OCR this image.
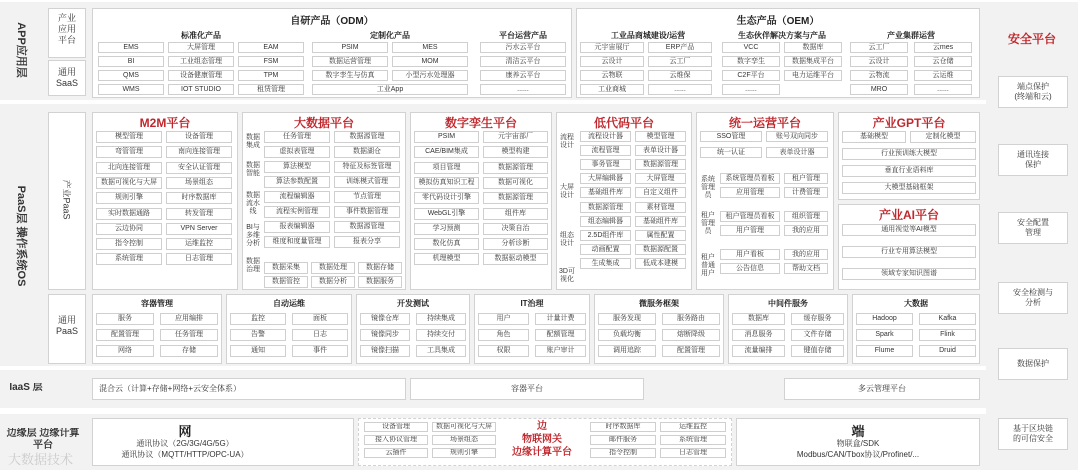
APP应用层
PaaS层 操作系统OS
IaaS 层
边缘层 边缘计算平台
产业
应用
平台
通用
SaaS
产业PaaS
通用
PaaS
自研产品（ODM）
标准化产品
EMS	大屏管理	EAM
BI	工业组态管理	FSM
QMS	设备健康管理	TPM
WMS	IOT STUDIO	租赁管理
定制化产品
PSIM	MES
数据运营管理	MOM
数字孪生与仿真	小型污水处理器
工业App
平台运营产品
污水云平台
清洁云平台
康养云平台
......
生态产品（OEM）
工业品商城建设/运营
元宇宙展厅	ERP产品
云设计	云工厂
云物联	云维保
工业商城	......
生态伙伴解决方案与产品
VCC	数据库
数字孪生	数据集成平台
C2F平台	电力运维平台
......
产业集群运营
云工厂	云mes
云设计	云仓储
云物流	云运维
MRO	......
M2M平台
模型管理	设备管理
弯管管理	南向连接管理
北向连接管理	安全认证管理
数据可视化与大屏	场景组态
规则引擎	时序数据库
实时数据通路	转发管理
云边协同	VPN Server
指令控制	运维监控
系统管理	日志管理
大数据平台
数据集成
数据智能
数据流水线
BI与多维分析
数据治理
任务管理	数据源管理
虚拟表管理	数据湖仓
算法模型	特征及标签管理
算法参数配置	训练模式管理
流程编辑器	节点管理
流程实例管理	事件数据管理
报表编辑器	数据源管理
维度和度量管理	报表分享
数据采集	数据处理	数据存储
数据管控	数据分析	数据服务
数字孪生平台
PSIM	元宇宙部厂
CAE/BIM集成	模型构建
项目管理	数据源管理
模拟仿真知识工程	数据可视化
零代码设计引擎	数据源管理
WebGL引擎	组件库
学习预测	决策自治
数化仿真	分析诊断
机理模型	数据驱动模型
低代码平台
流程设计
大屏设计
组态设计
3D可视化
流程设计器	模型管理
流程管理	表单设计器
事务管理	数据源管理
大屏编辑器	大屏管理
基础组件库	自定义组件
数据源管理	素材管理
组态编辑器	基础组件库
2.5D组件库	属性配置
动画配置	数据源配置
生成集成	低成本建模
统一运营平台
系统管理员
租户管理员
租户普通用户
SSO管理	账号双向同步
统一认证	表单设计器
系统管理员看板	租户管理
应用管理	计费管理
租户管理员看板	组织管理
用户管理	我的应用
用户看板	我的应用
公告信息	帮助文档
产业GPT平台
基础模型	定制化模型
行业预训练大模型
垂直行业语料库
大模型基础框架
产业AI平台
通用视觉等AI模型
行业专用算法模型
领域专家知识图谱
容器管理
服务	应用编排
配置管理	任务管理
网络	存储
自动运维
监控	面板
告警	日志
通知	事件
开发测试
镜像仓库	持续集成
镜像同步	持续交付
镜像扫描	工具集成
IT治理
用户	计量计费
角色	配额管理
权限	账户审计
微服务框架
服务发现	服务路由
负载均衡	熔断降级
调用追踪	配置管理
中间件服务
数据库	缓存服务
消息服务	文件存储
流量编排	键值存储
大数据
Hadoop	Kafka
Spark	Flink
Flume	Druid
混合云（计算+存储+网络+云安全体系）	容器平台	多云管理平台
网
通讯协议（2G/3G/4G/5G）
通讯协议（MQTT/HTTP/OPC-UA）
设备管理	数据可视化与大屏
接入协议管理	场景组态
云插件	规则引擎
边
物联网关
边缘计算平台
时序数据库	运维监控
邮件服务	系统管理
指令控制	日志管理
端
物联盒/SDK
Modbus/CAN/Tbox协议/Profinet/...
大数据技术
安全平台
端点保护
(终端和云)
通讯连接
保护
安全配置
管理
安全检测与
分析
数据保护
基于区块链
的可信安全
